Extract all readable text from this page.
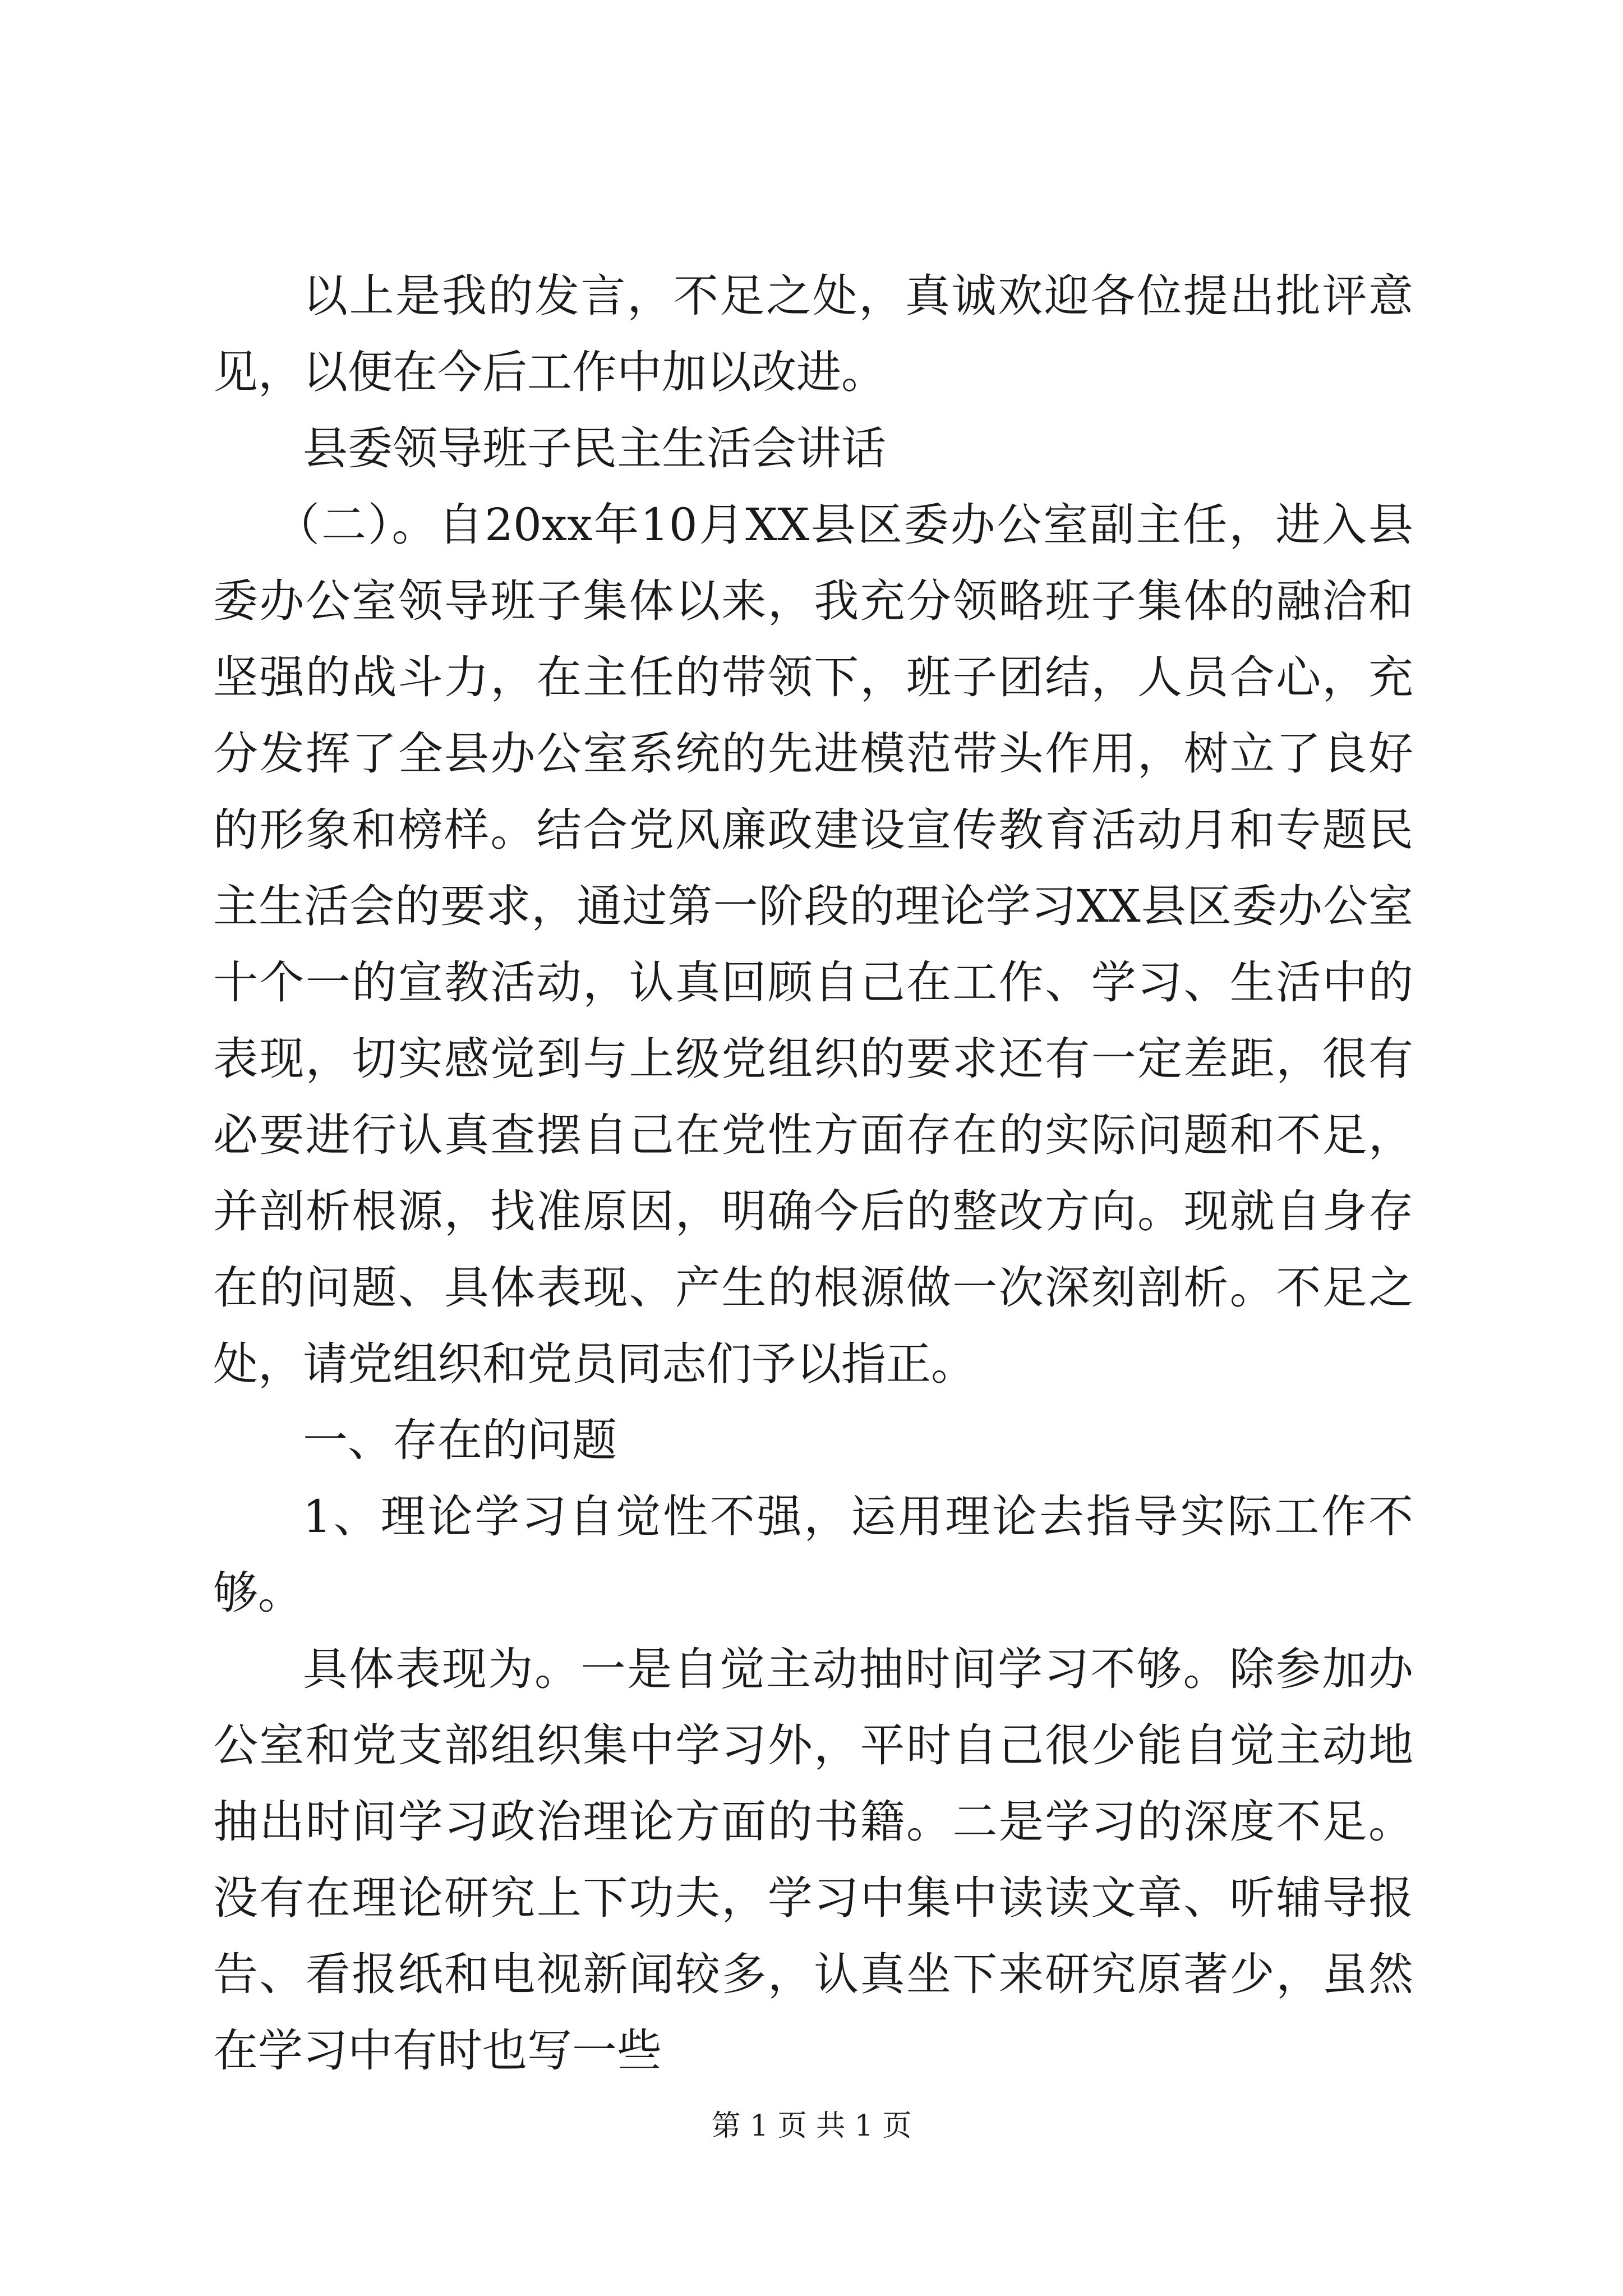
以上是我的发言，不足之处，真诚欢迎各位提出批评意见，以便在今后工作中加以改进。

县委领导班子民主生活会讲话

（二）。自20xx年10月XX县区委办公室副主任，进入县委办公室领导班子集体以来，我充分领略班子集体的融洽和坚强的战斗力，在主任的带领下，班子团结，人员合心，充分发挥了全县办公室系统的先进模范带头作用，树立了良好的形象和榜样。结合党风廉政建设宣传教育活动月和专题民主生活会的要求，通过第一阶段的理论学习XX县区委办公室十个一的宣教活动，认真回顾自己在工作、学习、生活中的表现，切实感觉到与上级党组织的要求还有一定差距，很有必要进行认真查摆自己在党性方面存在的实际问题和不足，并剖析根源，找准原因，明确今后的整改方向。现就自身存在的问题、具体表现、产生的根源做一次深刻剖析。不足之处，请党组织和党员同志们予以指正。

一、存在的问题

1、理论学习自觉性不强，运用理论去指导实际工作不够。

具体表现为。一是自觉主动抽时间学习不够。除参加办公室和党支部组织集中学习外，平时自己很少能自觉主动地抽出时间学习政治理论方面的书籍。二是学习的深度不足。没有在理论研究上下功夫，学习中集中读读文章、听辅导报告、看报纸和电视新闻较多，认真坐下来研究原著少，虽然在学习中有时也写一些

第 1 页 共 1 页
